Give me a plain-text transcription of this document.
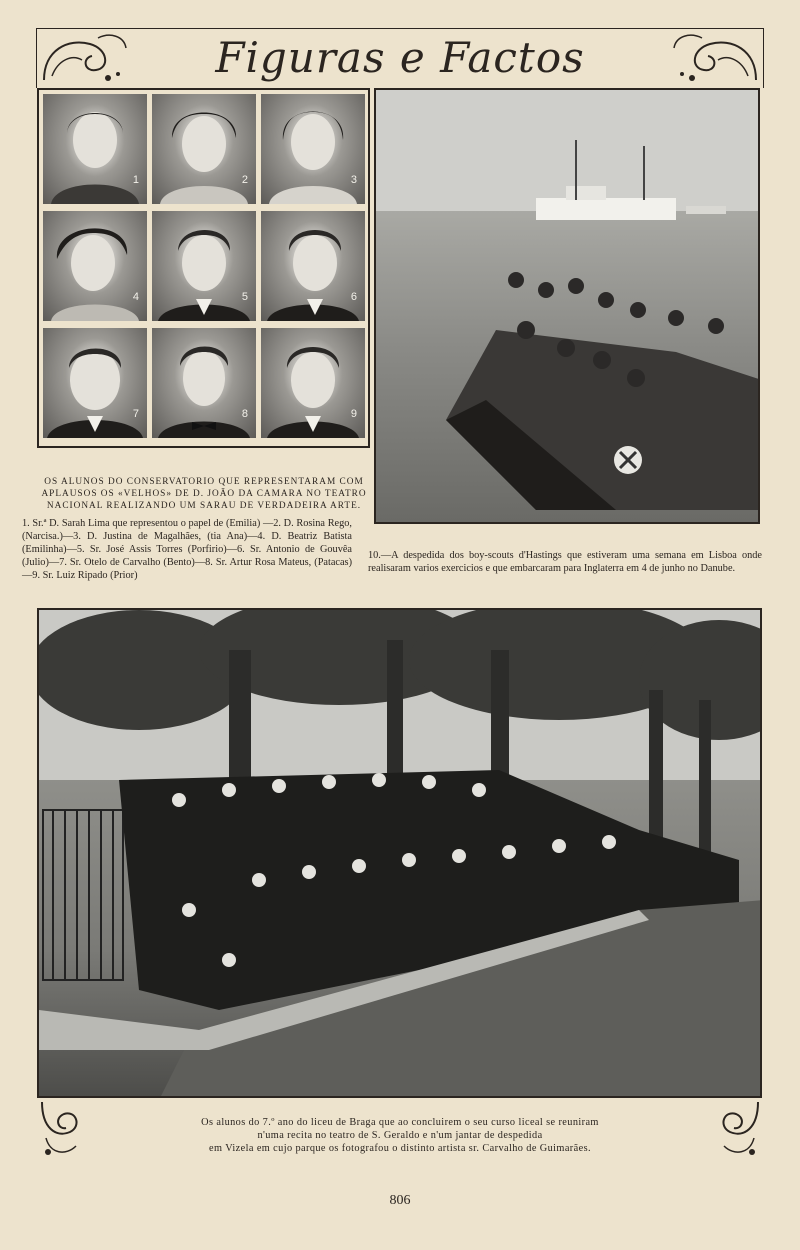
Figuras e Factos
1	2	3
4	5	6
7	8	9
OS ALUNOS DO CONSERVATORIO QUE REPRESENTARAM COM APLAUSOS OS «VELHOS» DE D. JOÃO DA CAMARA NO TEATRO NACIONAL REALIZANDO UM SARAU DE VERDADEIRA ARTE.
1. Sr.ª D. Sarah Lima que representou o papel de (Emilia) —2. D. Rosina Rego, (Narcisa.)—3. D. Justina de Magalhães, (tia Ana)—4. D. Beatriz Batista (Emilinha)—5. Sr. José Assis Torres (Porfirio)—6. Sr. Antonio de Gouvêa (Julio)—7. Sr. Otelo de Carvalho (Bento)—8. Sr. Artur Rosa Mateus, (Patacas)—9. Sr. Luiz Ripado (Prior)
10.—A despedida dos boy-scouts d'Hastings que estiveram uma semana em Lisboa onde realisaram varios exercicios e que embarcaram para Inglaterra em 4 de junho no Danube.
Os alunos do 7.º ano do liceu de Braga que ao concluirem o seu curso liceal se reuniram
n'uma recita no teatro de S. Geraldo e n'um jantar de despedida
em Vizela em cujo parque os fotografou o distinto artista sr. Carvalho de Guimarães.
806
